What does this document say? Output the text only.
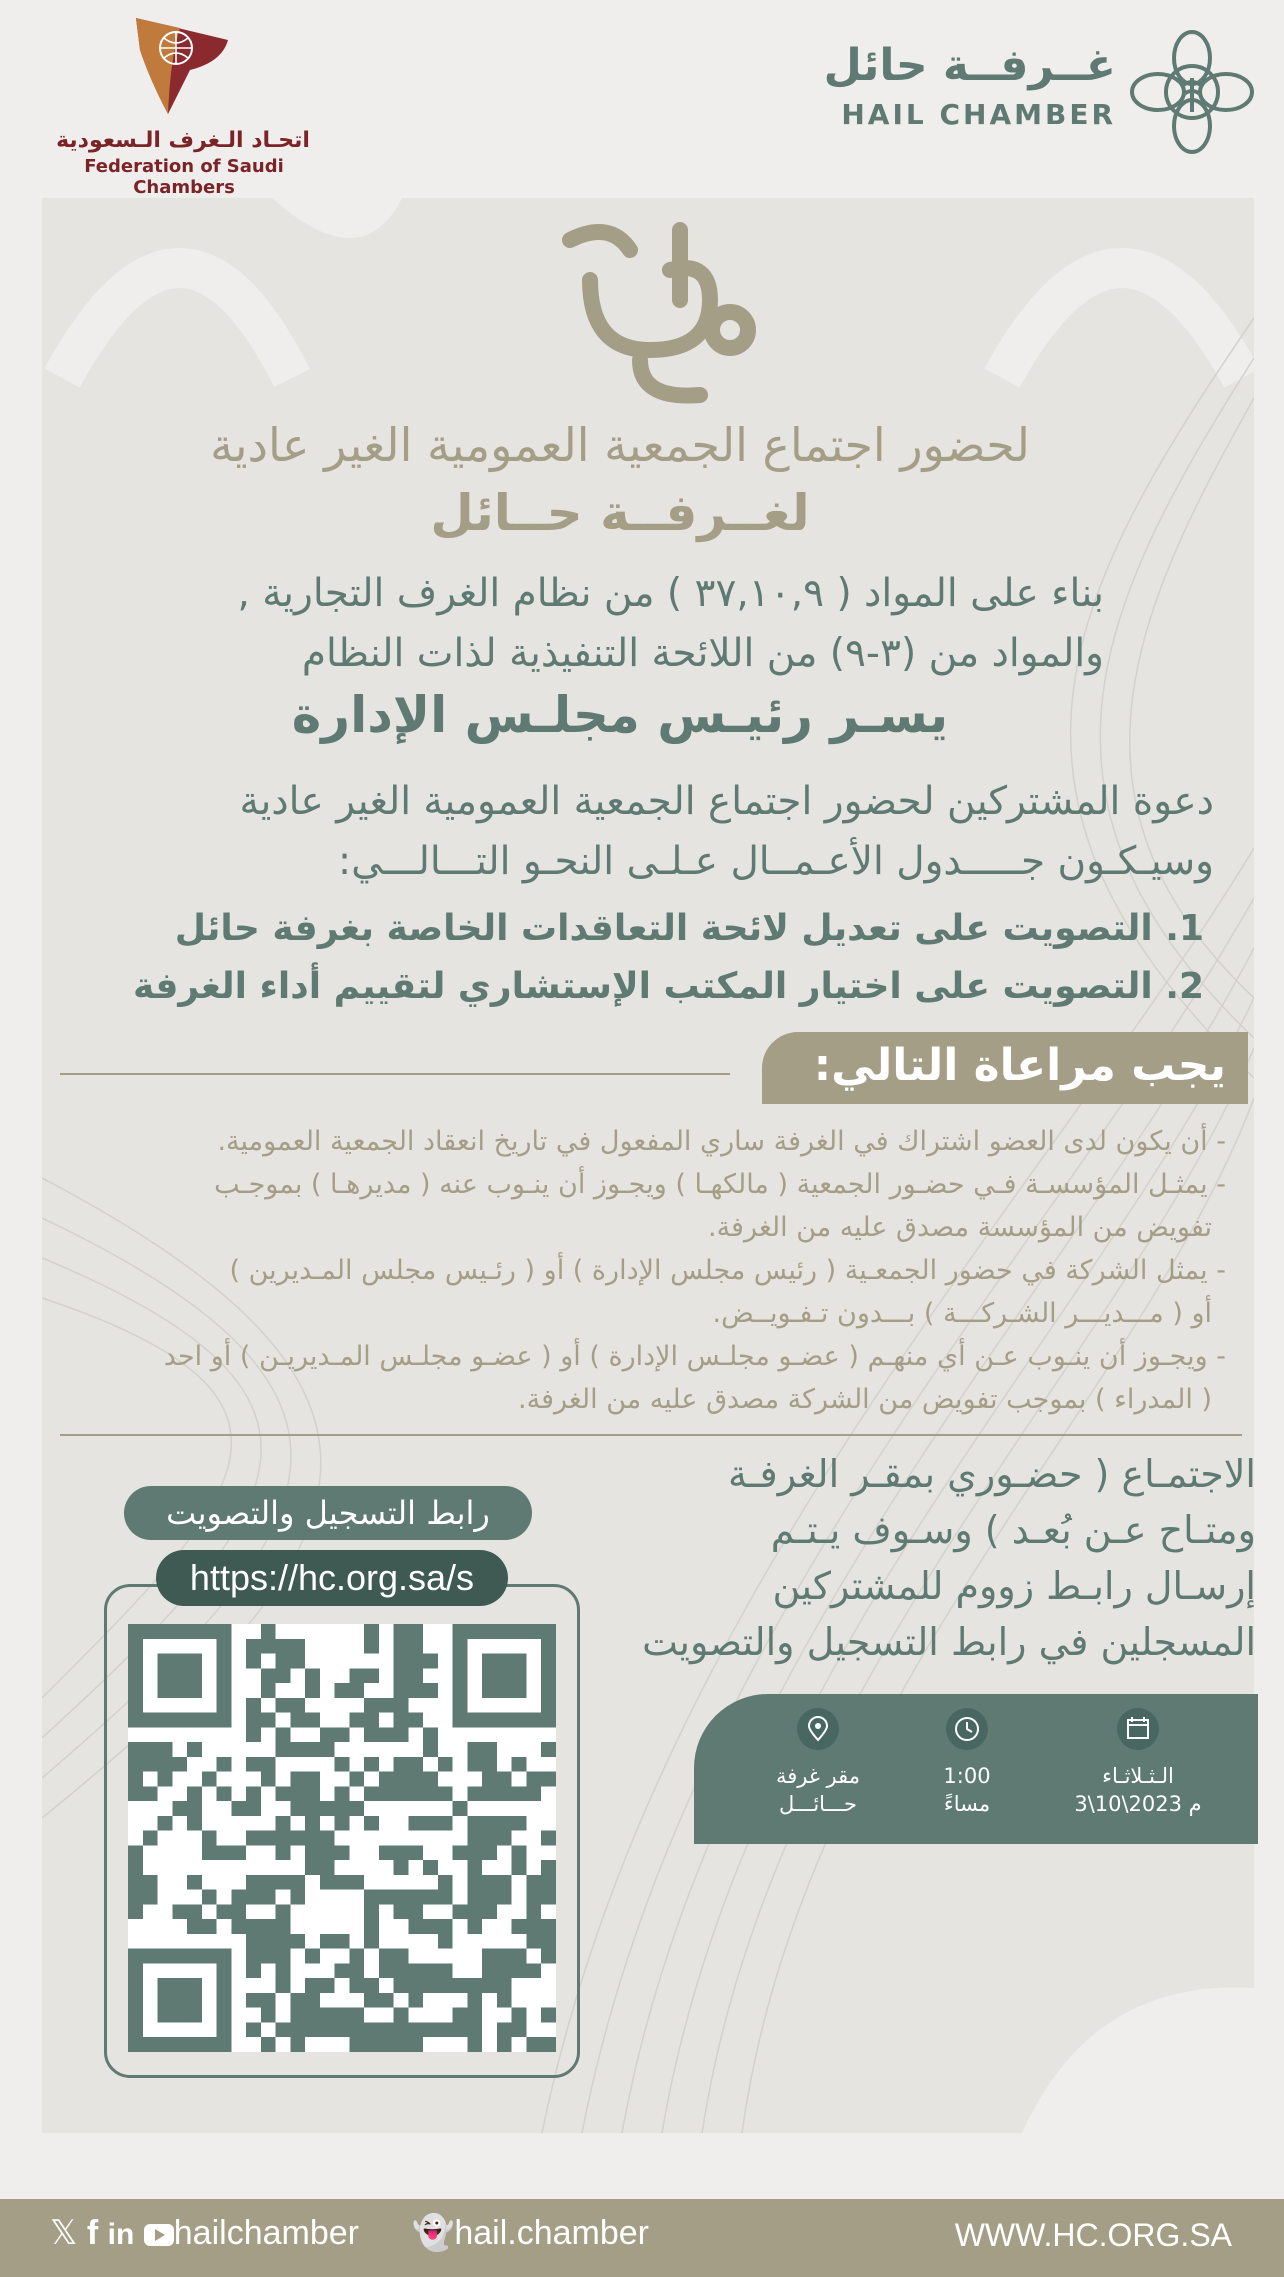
غــرفــة حائل
HAIL CHAMBER
اتحـاد الـغرف الـسعودية
Federation of Saudi Chambers
لحضور اجتماع الجمعية العمومية الغير عادية
لغــرفــة حــائل
بناء على المواد ( ٣٧,١٠,٩ ) من نظام الغرف التجارية ,
والمواد من (٣-٩) من اللائحة التنفيذية لذات النظام
يسـر رئيـس مجلـس الإدارة
دعوة المشتركين لحضور اجتماع الجمعية العمومية الغير عادية
وسيـكـون جـــــدول الأعـمــال عـلـى النحـو التـــالـــي:
1. التصويت على تعديل لائحة التعاقدات الخاصة بغرفة حائل
2. التصويت على اختيار المكتب الإستشاري لتقييم أداء الغرفة
يجب مراعاة التالي:
- أن يكون لدى العضو اشتراك في الغرفة ساري المفعول في تاريخ انعقاد الجمعية العمومية.
- يمثـل المؤسسـة فـي حضـور الجمعية ( مالكهـا ) ويجـوز أن ينـوب عنه ( مديرهـا ) بموجـب
تفويض من المؤسسة مصدق عليه من الغرفة.
- يمثل الشركة في حضور الجمعـية ( رئيس مجلس الإدارة ) أو ( رئـيس مجلس المـديرين )
أو ( مـــديـــر الشـركـــة ) بـــدون تـفـويــض.
- ويجـوز أن ينـوب عـن أي منهـم ( عضـو مجلـس الإدارة ) أو ( عضـو مجلـس المـديريـن ) أو احد
( المدراء ) بموجب تفويض من الشركة مصدق عليه من الغرفة.
الاجتمـاع ( حضـوري بمقـر الغرفـة
ومتـاح عـن بُعـد ) وسـوف يـتـم
إرسـال رابـط زووم للمشتركين
المسجلين في رابط التسجيل والتصويت
رابط التسجيل والتصويت
https://hc.org.sa/s
الـثـلاثـاء
3\10\2023 م
1:00
مساءً
مقر غرفة
حـــائـــل
𝕏 f in hailchamber 👻hail.chamber	WWW.HC.ORG.SA
